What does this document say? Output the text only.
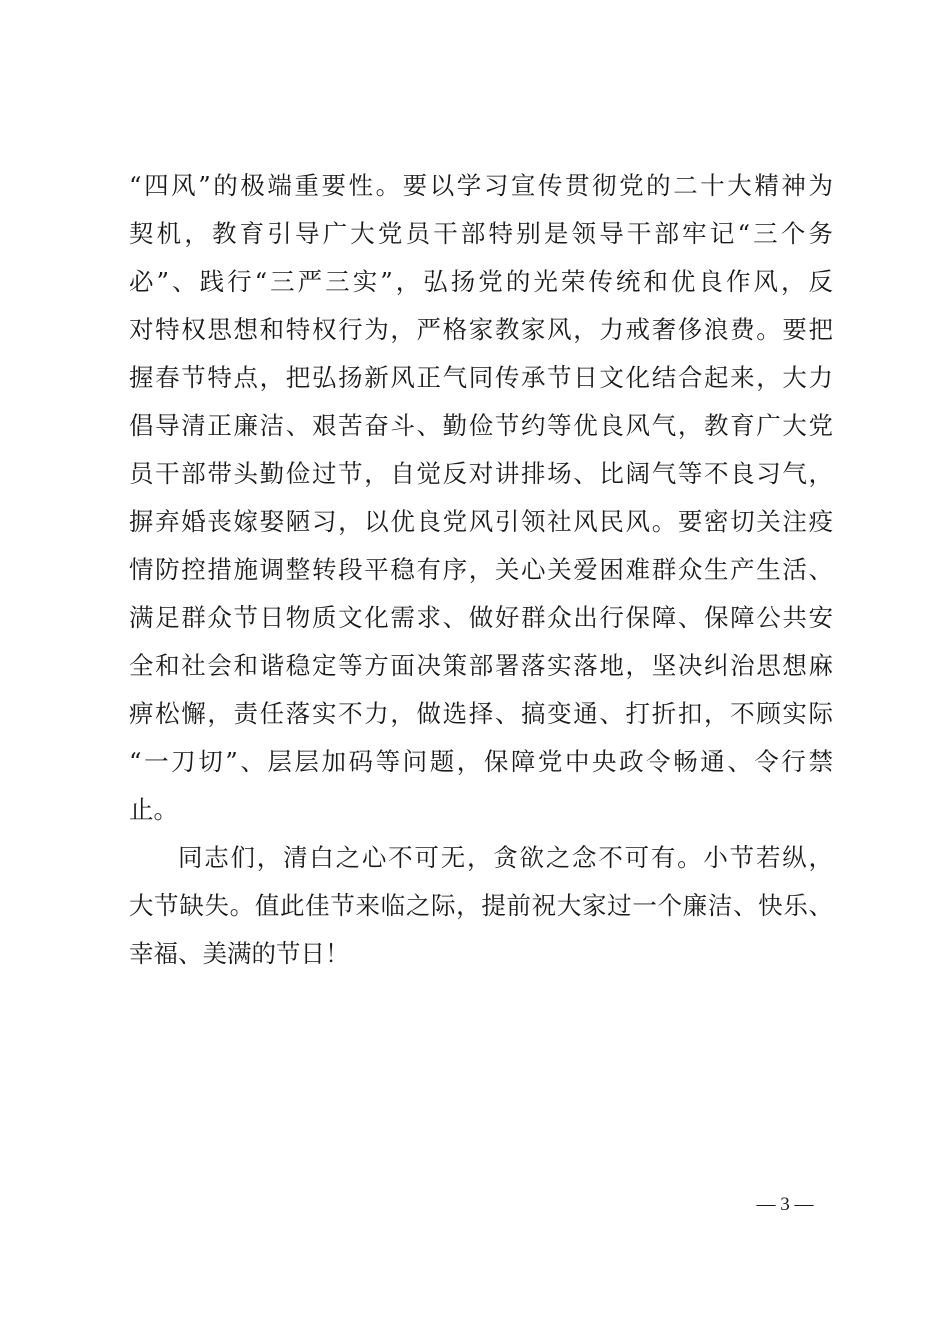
“四风”的极端重要性。要以学习宣传贯彻党的二十大精神为
契机，教育引导广大党员干部特别是领导干部牢记“三个务
必”、践行“三严三实”，弘扬党的光荣传统和优良作风，反
对特权思想和特权行为，严格家教家风，力戒奢侈浪费。要把
握春节特点，把弘扬新风正气同传承节日文化结合起来，大力
倡导清正廉洁、艰苦奋斗、勤俭节约等优良风气，教育广大党
员干部带头勤俭过节，自觉反对讲排场、比阔气等不良习气，
摒弃婚丧嫁娶陋习，以优良党风引领社风民风。要密切关注疫
情防控措施调整转段平稳有序，关心关爱困难群众生产生活、
满足群众节日物质文化需求、做好群众出行保障、保障公共安
全和社会和谐稳定等方面决策部署落实落地，坚决纠治思想麻
痹松懈，责任落实不力，做选择、搞变通、打折扣，不顾实际
“一刀切”、层层加码等问题，保障党中央政令畅通、令行禁
止。
同志们，清白之心不可无，贪欲之念不可有。小节若纵，
大节缺失。值此佳节来临之际，提前祝大家过一个廉洁、快乐、
幸福、美满的节日！
— 3 —
